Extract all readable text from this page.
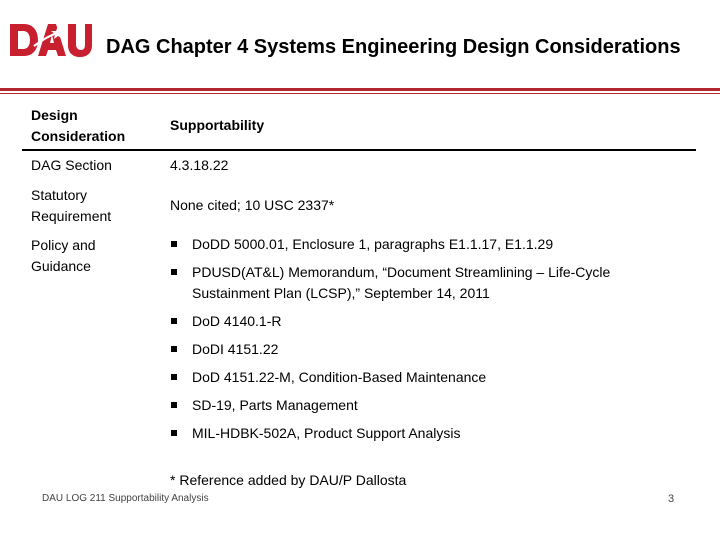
DAG Chapter 4 Systems Engineering Design Considerations
Design Consideration
Supportability
DAG Section	4.3.18.22
Statutory Requirement
None cited; 10 USC 2337*
Policy and Guidance
DoDD 5000.01, Enclosure 1, paragraphs E1.1.17, E1.1.29
PDUSD(AT&L) Memorandum, “Document Streamlining – Life-Cycle Sustainment Plan (LCSP),” September 14, 2011
DoD 4140.1-R
DoDI 4151.22
DoD 4151.22-M, Condition-Based Maintenance
SD-19, Parts Management
MIL-HDBK-502A, Product Support Analysis
* Reference added by DAU/P Dallosta
DAU LOG 211 Supportability Analysis	3
